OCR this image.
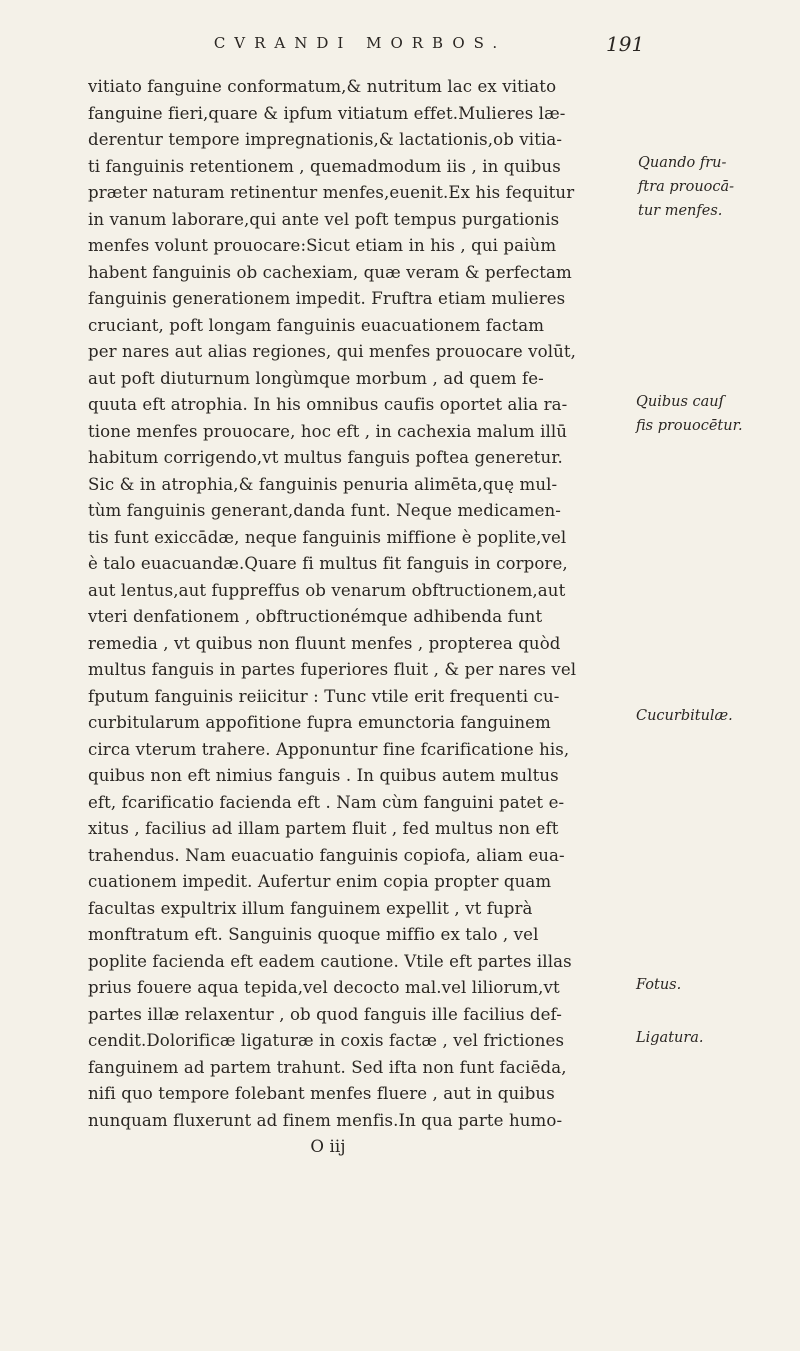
CVRANDI MORBOS.	191
vitiato fanguine conformatum,& nutritum lac ex vitiato
fanguine fieri,quare & ipfum vitiatum effet.Mulieres læ-
derentur tempore impregnationis,& lactationis,ob vitia-
ti fanguinis retentionem , quemadmodum iis , in quibus
præter naturam retinentur menfes,euenit.Ex his fequitur
in vanum laborare,qui ante vel poft tempus purgationis
menfes volunt prouocare:Sicut etiam in his , qui paiùm
habent fanguinis ob cachexiam, quæ veram & perfectam
fanguinis generationem impedit. Fruftra etiam mulieres
cruciant, poft longam fanguinis euacuationem factam
per nares aut alias regiones, qui menfes prouocare volūt,
aut poft diuturnum longùmque morbum , ad quem fe-
quuta eft atrophia. In his omnibus caufis oportet alia ra-
tione menfes prouocare, hoc eft , in cachexia malum illū
habitum corrigendo,vt multus fanguis poftea generetur.
Sic & in atrophia,& fanguinis penuria alimēta,quę mul-
tùm fanguinis generant,danda funt. Neque medicamen-
tis funt exiccādæ, neque fanguinis miffione è poplite,vel
è talo euacuandæ.Quare fi multus fit fanguis in corpore,
aut lentus,aut fuppreffus ob venarum obftructionem,aut
vteri denfationem , obftructionémque adhibenda funt
remedia , vt quibus non fluunt menfes , propterea quòd
multus fanguis in partes fuperiores fluit , & per nares vel
fputum fanguinis reiicitur : Tunc vtile erit frequenti cu-
curbitularum appofitione fupra emunctoria fanguinem
circa vterum trahere. Apponuntur fine fcarificatione his,
quibus non eft nimius fanguis . In quibus autem multus
eft, fcarificatio facienda eft . Nam cùm fanguini patet e-
xitus , facilius ad illam partem fluit , fed multus non eft
trahendus. Nam euacuatio fanguinis copiofa, aliam eua-
cuationem impedit. Aufertur enim copia propter quam
facultas expultrix illum fanguinem expellit , vt fuprà
monftratum eft. Sanguinis quoque miffio ex talo , vel
poplite facienda eft eadem cautione. Vtile eft partes illas
prius fouere aqua tepida,vel decocto mal.vel liliorum,vt
partes illæ relaxentur , ob quod fanguis ille facilius def-
cendit.Dolorificæ ligaturæ in coxis factæ , vel frictiones
fanguinem ad partem trahunt. Sed ifta non funt faciēda,
nifi quo tempore folebant menfes fluere , aut in quibus
nunquam fluxerunt ad finem menfis.In qua parte humo-
O iij
Quando fru-
ftra prouocā-
tur menfes.
Quibus cauſ
fis prouocētur.
Cucurbitulæ.
Fotus.
Ligatura.
